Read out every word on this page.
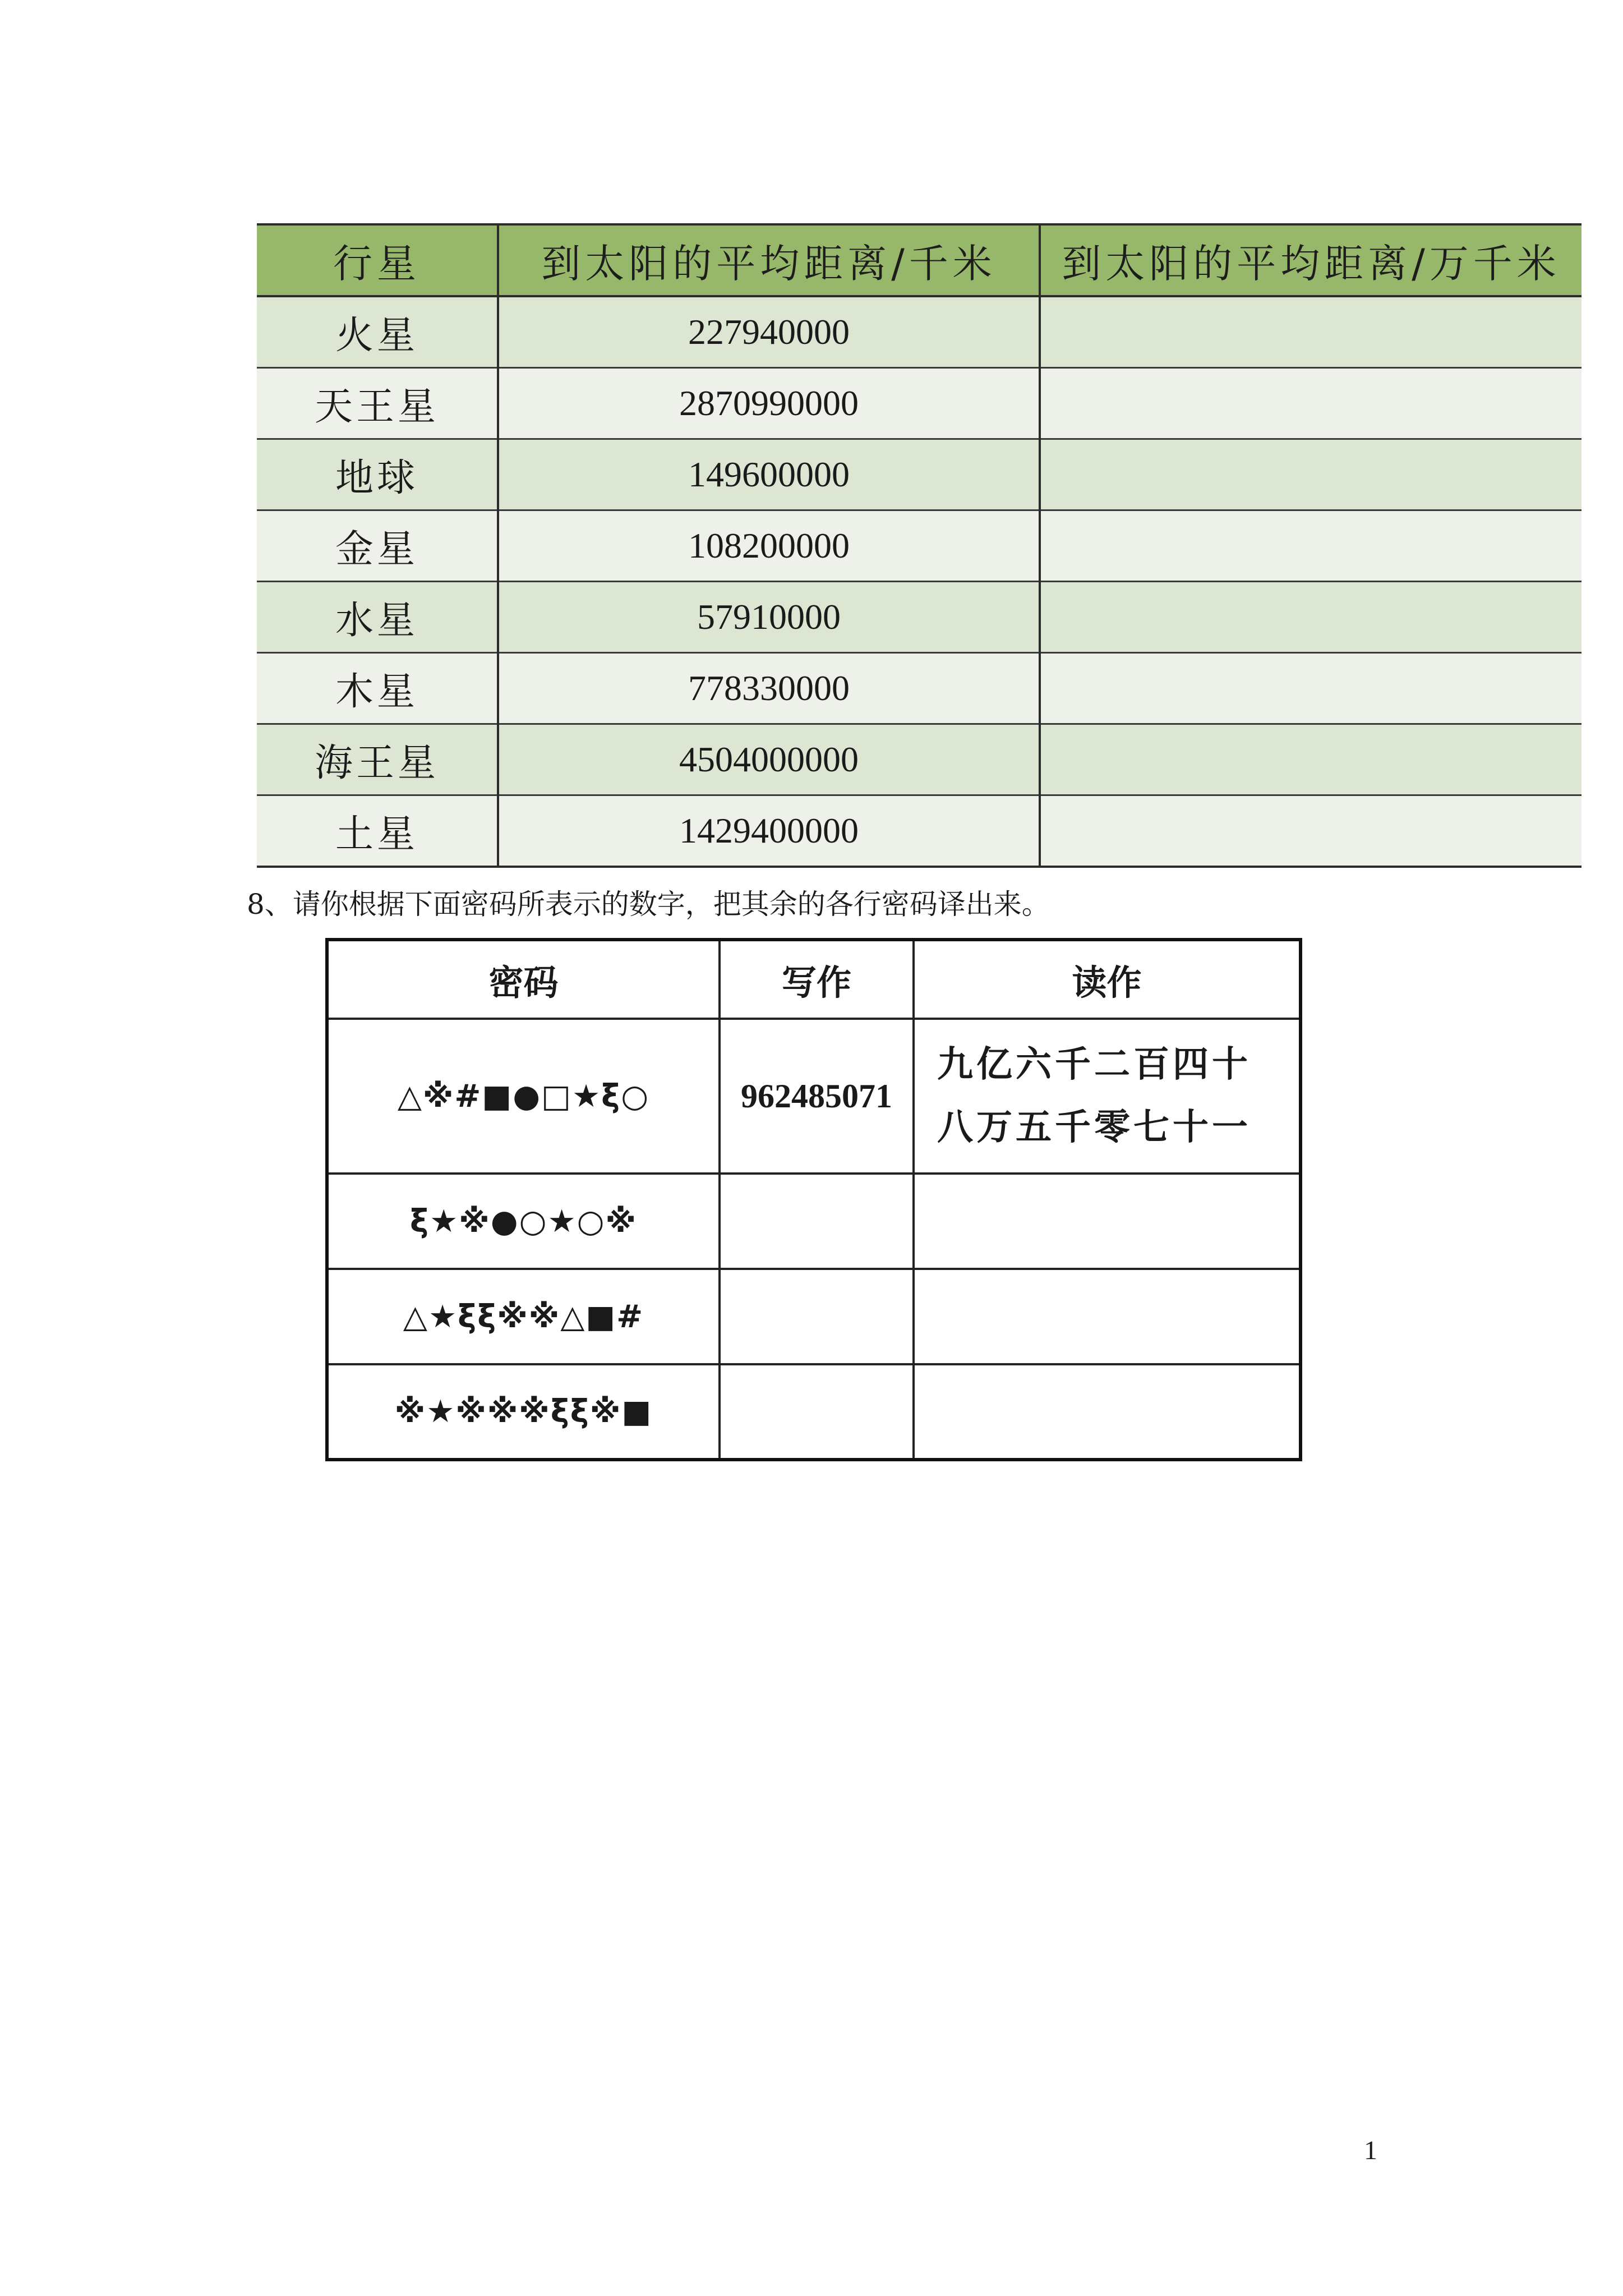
行星	到太阳的平均距离/千米	到太阳的平均距离/万千米
火星	227940000	
天王星	2870990000	
地球	149600000	
金星	108200000	
水星	57910000	
木星	778330000	
海王星	4504000000	
土星	1429400000	
8、请你根据下面密码所表示的数字，把其余的各行密码译出来。
密码	写作	读作
△※#■●□★ξ○	962485071	九亿六千二百四十
八万五千零七十一

ξ★※●○★○※		

△★ξξ※※△■#		

※★※※※ξξ※■		
1
